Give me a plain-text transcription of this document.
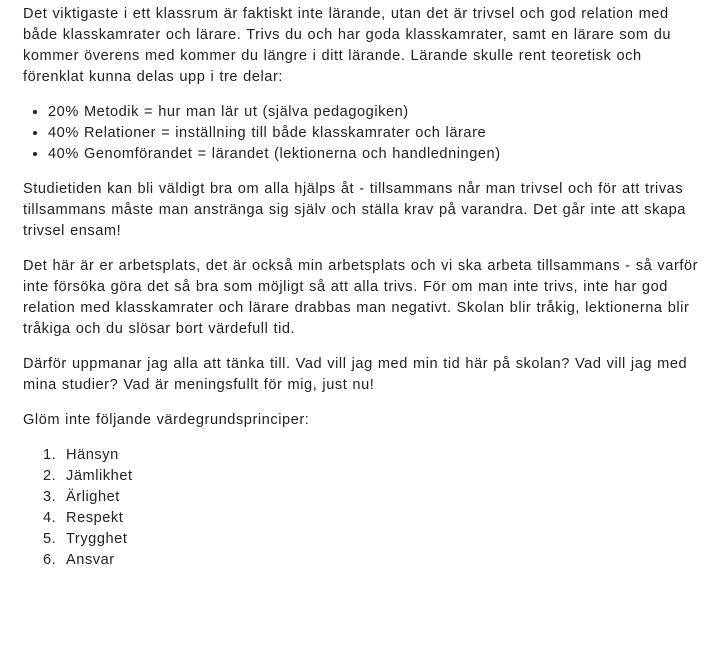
Det viktigaste i ett klassrum är faktiskt inte lärande, utan det är trivsel och god relation med både klasskamrater och lärare. Trivs du och har goda klasskamrater, samt en lärare som du kommer överens med kommer du längre i ditt lärande. Lärande skulle rent teoretisk och förenklat kunna delas upp i tre delar:

• 20% Metodik = hur man lär ut (själva pedagogiken)
• 40% Relationer = inställning till både klasskamrater och lärare
• 40% Genomförandet = lärandet (lektionerna och handledningen)

Studietiden kan bli väldigt bra om alla hjälps åt - tillsammans når man trivsel och för att trivas tillsammans måste man anstränga sig själv och ställa krav på varandra. Det går inte att skapa trivsel ensam!

Det här är er arbetsplats, det är också min arbetsplats och vi ska arbeta tillsammans - så varför inte försöka göra det så bra som möjligt så att alla trivs. För om man inte trivs, inte har god relation med klasskamrater och lärare drabbas man negativt. Skolan blir tråkig, lektionerna blir tråkiga och du slösar bort värdefull tid.

Därför uppmanar jag alla att tänka till. Vad vill jag med min tid här på skolan? Vad vill jag med mina studier? Vad är meningsfullt för mig, just nu!

Glöm inte följande värdegrundsprinciper:

1. Hänsyn
2. Jämlikhet
3. Ärlighet
4. Respekt
5. Trygghet
6. Ansvar
